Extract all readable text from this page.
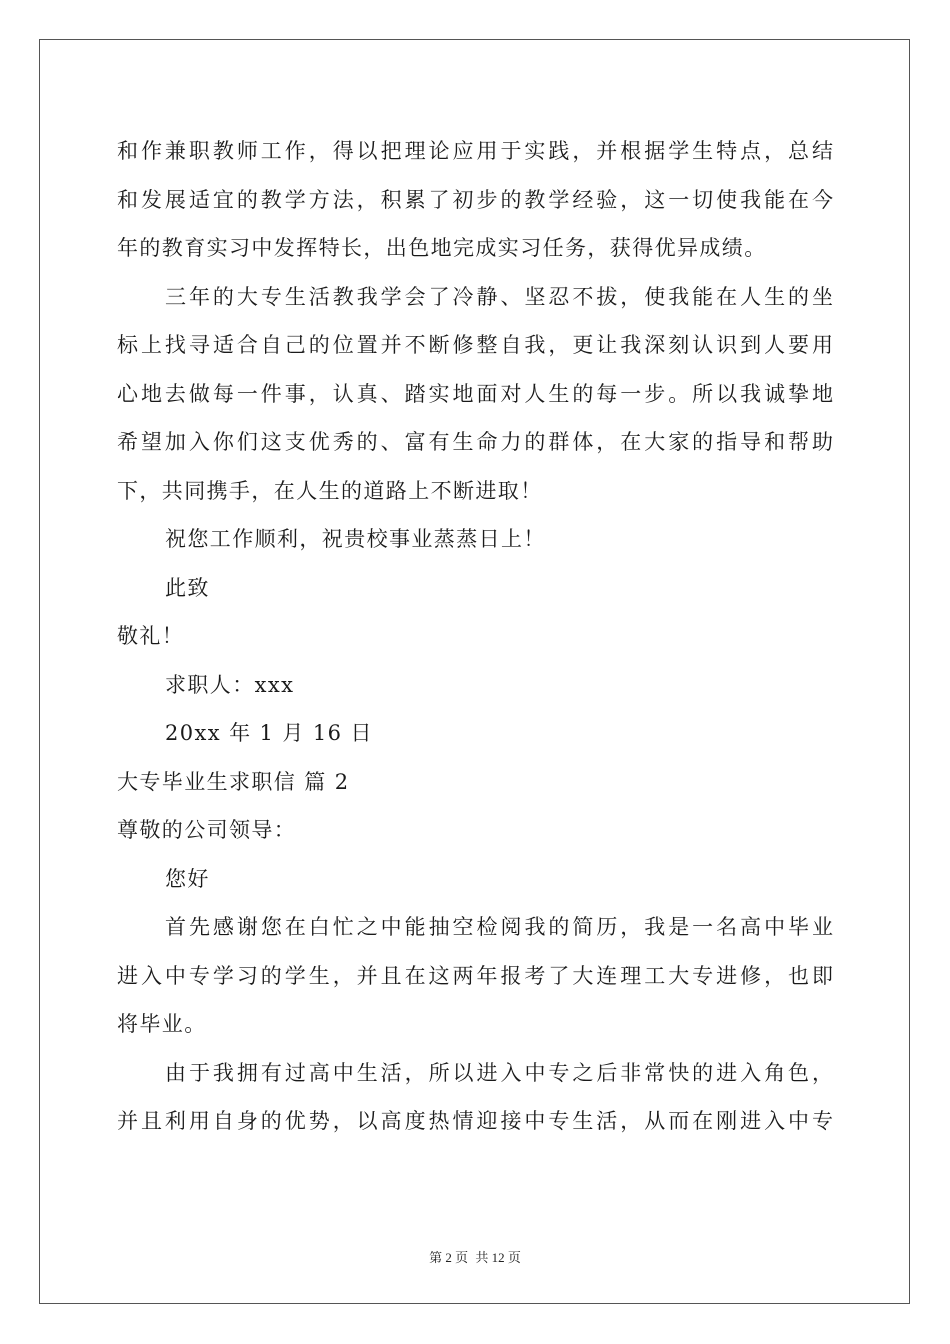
和作兼职教师工作，得以把理论应用于实践，并根据学生特点，总结
和发展适宜的教学方法，积累了初步的教学经验，这一切使我能在今
年的教育实习中发挥特长，出色地完成实习任务，获得优异成绩。
三年的大专生活教我学会了冷静、坚忍不拔，使我能在人生的坐
标上找寻适合自己的位置并不断修整自我，更让我深刻认识到人要用
心地去做每一件事，认真、踏实地面对人生的每一步。所以我诚挚地
希望加入你们这支优秀的、富有生命力的群体，在大家的指导和帮助
下，共同携手，在人生的道路上不断进取！
祝您工作顺利，祝贵校事业蒸蒸日上！
此致
敬礼！
求职人：xxx
20xx 年 1 月 16 日
大专毕业生求职信 篇 2
尊敬的公司领导：
您好
首先感谢您在白忙之中能抽空检阅我的简历，我是一名高中毕业
进入中专学习的学生，并且在这两年报考了大连理工大专进修，也即
将毕业。
由于我拥有过高中生活，所以进入中专之后非常快的进入角色，
并且利用自身的优势，以高度热情迎接中专生活，从而在刚进入中专
第 2 页 共 12 页
